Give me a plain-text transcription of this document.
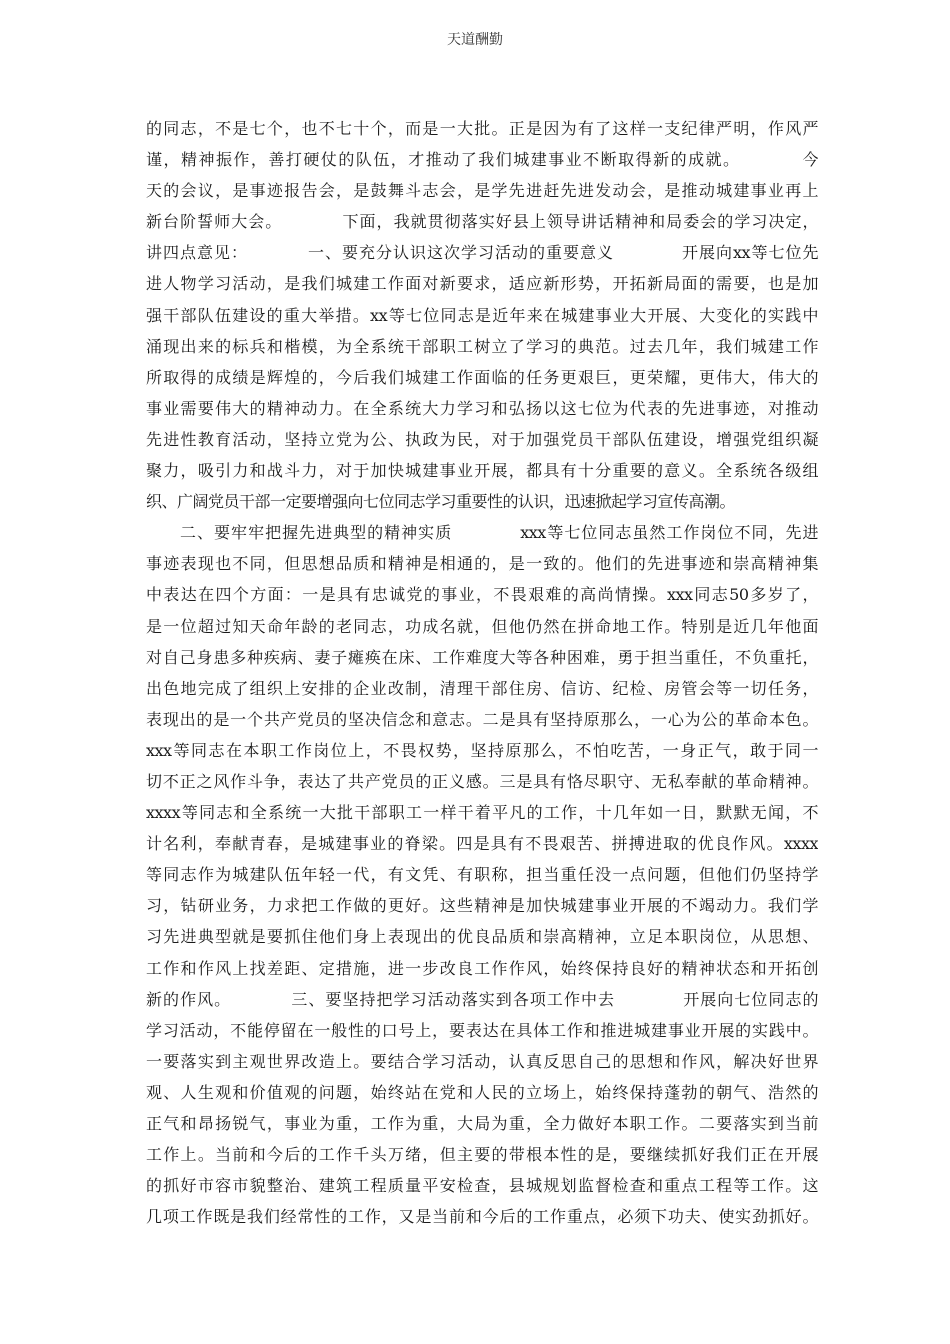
天道酬勤
的同志，不是七个，也不七十个，而是一大批。正是因为有了这样一支纪律严明，作风严
谨，精神振作，善打硬仗的队伍，才推动了我们城建事业不断取得新的成就。　　　　今
天的会议，是事迹报告会，是鼓舞斗志会，是学先进赶先进发动会，是推动城建事业再上
新台阶誓师大会。　　　　下面，我就贯彻落实好县上领导讲话精神和局委会的学习决定，
讲四点意见：　　　　一、要充分认识这次学习活动的重要意义　　　　开展向xx等七位先
进人物学习活动，是我们城建工作面对新要求，适应新形势，开拓新局面的需要，也是加
强干部队伍建设的重大举措。xx等七位同志是近年来在城建事业大开展、大变化的实践中
涌现出来的标兵和楷模，为全系统干部职工树立了学习的典范。过去几年，我们城建工作
所取得的成绩是辉煌的，今后我们城建工作面临的任务更艰巨，更荣耀，更伟大，伟大的
事业需要伟大的精神动力。在全系统大力学习和弘扬以这七位为代表的先进事迹，对推动
先进性教育活动，坚持立党为公、执政为民，对于加强党员干部队伍建设，增强党组织凝
聚力，吸引力和战斗力，对于加快城建事业开展，都具有十分重要的意义。全系统各级组
织、广阔党员干部一定要增强向七位同志学习重要性的认识，迅速掀起学习宣传高潮。
　　二、要牢牢把握先进典型的精神实质　　　　xxx等七位同志虽然工作岗位不同，先进
事迹表现也不同，但思想品质和精神是相通的，是一致的。他们的先进事迹和崇高精神集
中表达在四个方面：一是具有忠诚党的事业，不畏艰难的高尚情操。xxx同志50多岁了，
是一位超过知天命年龄的老同志，功成名就，但他仍然在拼命地工作。特别是近几年他面
对自己身患多种疾病、妻子瘫痪在床、工作难度大等各种困难，勇于担当重任，不负重托，
出色地完成了组织上安排的企业改制，清理干部住房、信访、纪检、房管会等一切任务，
表现出的是一个共产党员的坚决信念和意志。二是具有坚持原那么，一心为公的革命本色。
xxx等同志在本职工作岗位上，不畏权势，坚持原那么，不怕吃苦，一身正气，敢于同一
切不正之风作斗争，表达了共产党员的正义感。三是具有恪尽职守、无私奉献的革命精神。
xxxx等同志和全系统一大批干部职工一样干着平凡的工作，十几年如一日，默默无闻，不
计名利，奉献青春，是城建事业的脊梁。四是具有不畏艰苦、拼搏进取的优良作风。xxxx
等同志作为城建队伍年轻一代，有文凭、有职称，担当重任没一点问题，但他们仍坚持学
习，钻研业务，力求把工作做的更好。这些精神是加快城建事业开展的不竭动力。我们学
习先进典型就是要抓住他们身上表现出的优良品质和崇高精神，立足本职岗位，从思想、
工作和作风上找差距、定措施，进一步改良工作作风，始终保持良好的精神状态和开拓创
新的作风。　　　　三、要坚持把学习活动落实到各项工作中去　　　　开展向七位同志的
学习活动，不能停留在一般性的口号上，要表达在具体工作和推进城建事业开展的实践中。
一要落实到主观世界改造上。要结合学习活动，认真反思自己的思想和作风，解决好世界
观、人生观和价值观的问题，始终站在党和人民的立场上，始终保持蓬勃的朝气、浩然的
正气和昂扬锐气，事业为重，工作为重，大局为重，全力做好本职工作。二要落实到当前
工作上。当前和今后的工作千头万绪，但主要的带根本性的是，要继续抓好我们正在开展
的抓好市容市貌整治、建筑工程质量平安检查，县城规划监督检查和重点工程等工作。这
几项工作既是我们经常性的工作，又是当前和今后的工作重点，必须下功夫、使实劲抓好。
